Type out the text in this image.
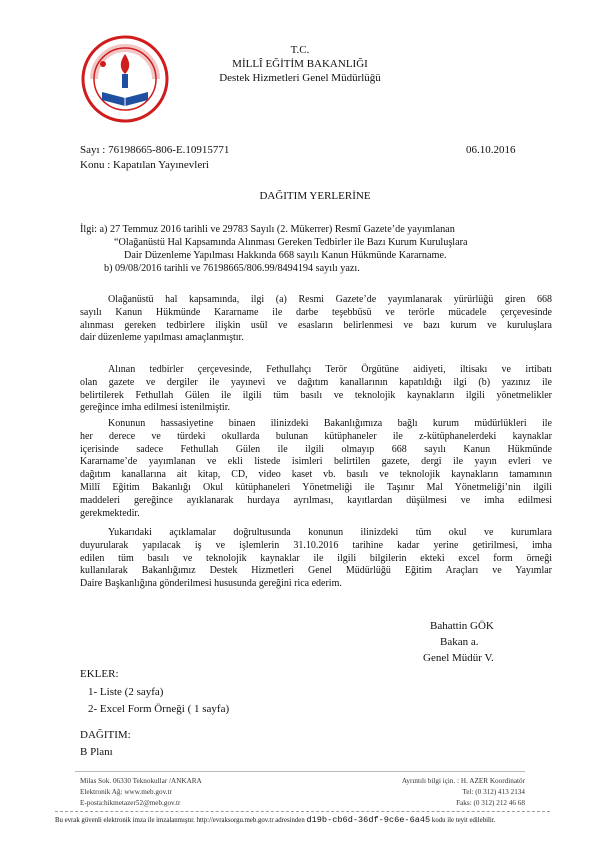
T.C.
MİLLÎ EĞİTİM BAKANLIĞI
Destek Hizmetleri Genel Müdürlüğü
Sayı : 76198665-806-E.10915771	06.10.2016
Konu : Kapatılan Yayınevleri
DAĞITIM YERLERİNE
İlgi: a) 27 Temmuz 2016 tarihli ve 29783 Sayılı (2. Mükerrer) Resmî Gazete’de yayımlanan
“Olağanüstü Hal Kapsamında Alınması Gereken Tedbirler ile Bazı Kurum Kuruluşlara
Dair Düzenleme Yapılması Hakkında 668 sayılı Kanun Hükmünde Kararname.
b) 09/08/2016 tarihli ve 76198665/806.99/8494194 sayılı yazı.
Olağanüstü hal kapsamında, ilgi (a) Resmi Gazete’de yayımlanarak yürürlüğü giren 668
sayılı Kanun Hükmünde Kararname ile darbe teşebbüsü ve terörle mücadele çerçevesinde
alınması gereken tedbirlere ilişkin usül ve esasların belirlenmesi ve bazı kurum ve kuruluşlara
dair düzenleme yapılması amaçlanmıştır.
Alınan tedbirler çerçevesinde, Fethullahçı Terör Örgütüne aidiyeti, iltisakı ve irtibatı
olan gazete ve dergiler ile yayınevi ve dağıtım kanallarının kapatıldığı ilgi (b) yazınız ile
belirtilerek Fethullah Gülen ile ilgili tüm basılı ve teknolojik kaynakların ilgili yönetmelikler
gereğince imha edilmesi istenilmiştir.
Konunun hassasiyetine binaen ilinizdeki Bakanlığımıza bağlı kurum müdürlükleri ile
her derece ve türdeki okullarda bulunan kütüphaneler ile z-kütüphanelerdeki kaynaklar
içerisinde sadece Fethullah Gülen ile ilgili olmayıp 668 sayılı Kanun Hükmünde
Kararname’de yayımlanan ve ekli listede isimleri belirtilen gazete, dergi ile yayın evleri ve
dağıtım kanallarına ait kitap, CD, video kaset vb. basılı ve teknolojik kaynakların tamamının
Millî Eğitim Bakanlığı Okul kütüphaneleri Yönetmeliği ile Taşınır Mal Yönetmeliği’nin ilgili
maddeleri gereğince ayıklanarak hurdaya ayrılması, kayıtlardan düşülmesi ve imha edilmesi
gerekmektedir.
Yukarıdaki açıklamalar doğrultusunda konunun ilinizdeki tüm okul ve kurumlara
duyurularak yapılacak iş ve işlemlerin 31.10.2016 tarihine kadar yerine getirilmesi, imha
edilen tüm basılı ve teknolojik kaynaklar ile ilgili bilgilerin ekteki excel form örneği
kullanılarak Bakanlığımız Destek Hizmetleri Genel Müdürlüğü Eğitim Araçları ve Yayımlar
Daire Başkanlığına gönderilmesi hususunda gereğini rica ederim.
Bahattin GÖK
Bakan a.
Genel Müdür V.
EKLER:
1- Liste (2 sayfa)
2- Excel Form Örneği ( 1 sayfa)
DAĞITIM:
B Planı
Milas Sok. 06330 Teknokullar /ANKARA
Elektronik Ağ: www.meb.gov.tr
E-posta:hikmetazer52@meb.gov.tr
Ayrıntılı bilgi için. : H. AZER Koordinatör
Tel: (0 312) 413 2134
Faks: (0 312) 212 46 68
Bu evrak güvenli elektronik imza ile imzalanmıştır. http://evraksorgu.meb.gov.tr adresinden d19b-cb6d-36df-9c6e-6a45 kodu ile teyit edilebilir.
